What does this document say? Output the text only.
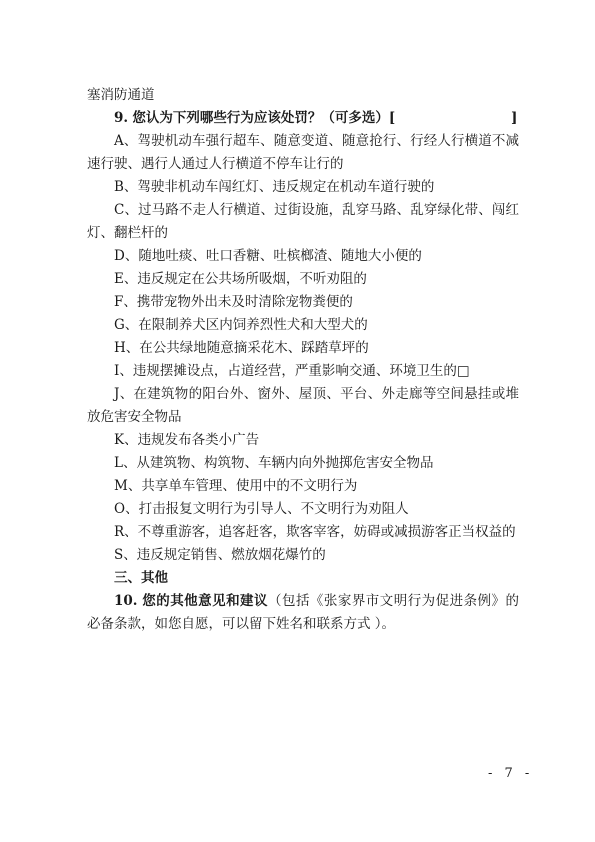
塞消防通道
9. 您认为下列哪些行为应该处罚？（可多选）[	]
A、驾驶机动车强行超车、随意变道、随意抢行、行经人行横道不减速行驶、遇行人通过人行横道不停车让行的
B、驾驶非机动车闯红灯、违反规定在机动车道行驶的
C、过马路不走人行横道、过街设施，乱穿马路、乱穿绿化带、闯红灯、翻栏杆的
D、随地吐痰、吐口香糖、吐槟榔渣、随地大小便的
E、违反规定在公共场所吸烟，不听劝阻的
F、携带宠物外出未及时清除宠物粪便的
G、在限制养犬区内饲养烈性犬和大型犬的
H、在公共绿地随意摘采花木、踩踏草坪的
I、违规摆摊设点，占道经营，严重影响交通、环境卫生的□
J、在建筑物的阳台外、窗外、屋顶、平台、外走廊等空间悬挂或堆放危害安全物品
K、违规发布各类小广告
L、从建筑物、构筑物、车辆内向外抛掷危害安全物品
M、共享单车管理、使用中的不文明行为
O、打击报复文明行为引导人、不文明行为劝阻人
R、不尊重游客，追客赶客，欺客宰客，妨碍或减损游客正当权益的
S、违反规定销售、燃放烟花爆竹的
三、其他
10. 您的其他意见和建议（包括《张家界市文明行为促进条例》的必备条款，如您自愿，可以留下姓名和联系方式 ）。
- 7 -
